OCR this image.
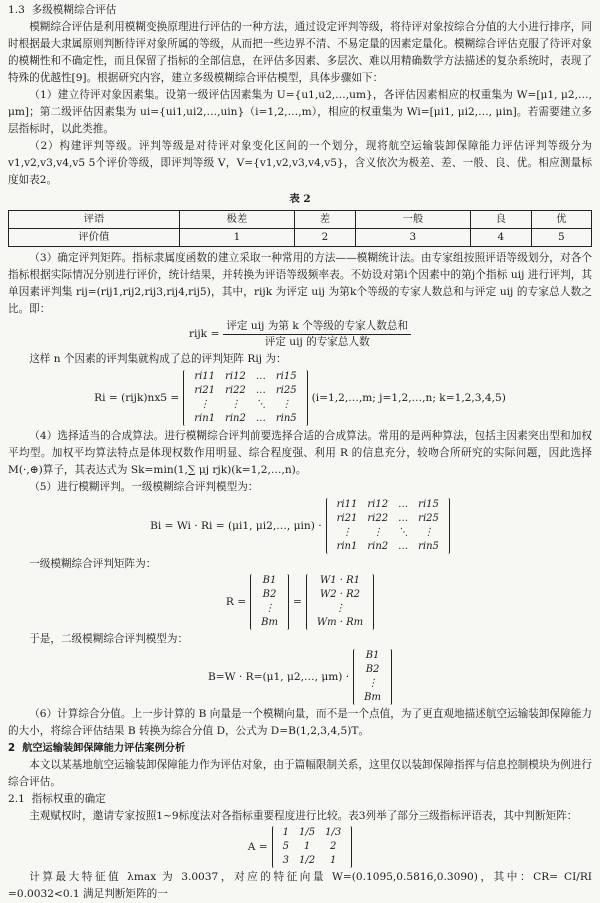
1.3 多级模糊综合评估

模糊综合评估是利用模糊变换原理进行评估的一种方法，通过设定评判等级，将待评对象按综合分值的大小进行排序，同时根据最大隶属原则判断待评对象所属的等级，从而把一些边界不清、不易定量的因素定量化。模糊综合评估克服了待评对象的模糊性和不确定性，而且保留了指标的全部信息，在评估多因素、多层次、难以用精确数学方法描述的复杂系统时，表现了特殊的优越性[9]。根据研究内容，建立多级模糊综合评估模型，具体步骤如下：

（1）建立待评对象因素集。设第一级评估因素集为 U={u1,u2,…,um}，各评估因素相应的权重集为 W=[μ1, μ2,…, μm]；第二级评估因素集为 ui={ui1,ui2,…,uin}（i=1,2,…,m），相应的权重集为 Wi=[μi1, μi2,…, μin]。若需要建立多层指标时，以此类推。

（2）构建评判等级。评判等级是对待评对象变化区间的一个划分，现将航空运输装卸保障能力评估评判等级分为 v1,v2,v3,v4,v5 5个评价等级，即评判等级 V，V={v1,v2,v3,v4,v5}，含义依次为极差、差、一般、良、优。相应测量标度如表2。

表 2
评语	极差	差	一般	良	优
评价值	1	2	3	4	5

（3）确定评判矩阵。指标隶属度函数的建立采取一种常用的方法——模糊统计法。由专家组按照评语等级划分，对各个指标根据实际情况分别进行评价，统计结果，并转换为评语等级频率表。不妨设对第i个因素中的第j个指标 uij 进行评判，其单因素评判集 rij=(rij1,rij2,rij3,rij4,rij5)，其中，rijk 为评定 uij 为第k个等级的专家人数总和与评定 uij 的专家总人数之比。即：

rijk = $\frac{\text{评定 uij 为第 k 个等级的专家人数总和}}{\text{评定 uij 的专家总人数}}$

这样 n 个因素的评判集就构成了总的评判矩阵 Rij 为：

Ri = (rijk)nx5 =
ri11	ri12	…	ri15
ri21	ri22	…	ri25
⋮	⋮	⋱	⋮
rin1	rin2	…	rin5
(i=1,2,…,m; j=1,2,…,n; k=1,2,3,4,5)

（4）选择适当的合成算法。进行模糊综合评判前要选择合适的合成算法。常用的是两种算法，包括主因素突出型和加权平均型。加权平均算法特点是体现权数作用明显、综合程度强、利用 R 的信息充分，较吻合所研究的实际问题，因此选择 M(·,⊕)算子，其表达式为 Sk=min(1,∑ μj rjk)(k=1,2,…,n)。

（5）进行模糊评判。一级模糊综合评判模型为：

Bi = Wi · Ri = (μi1, μi2,…, μin) ·
ri11	ri12	…	ri15
ri21	ri22	…	ri25
⋮	⋮	⋱	⋮
rin1	rin2	…	rin5

一级模糊综合评判矩阵为：

R =
B1
B2
⋮
Bm
=
W1 · R1
W2 · R2
⋮
Wm · Rm

于是，二级模糊综合评判模型为：

B=W · R=(μ1, μ2,…, μm) ·
B1
B2
⋮
Bm

（6）计算综合分值。上一步计算的 B 向量是一个模糊向量，而不是一个点值，为了更直观地描述航空运输装卸保障能力的大小，将综合评估结果 B 转换为综合分值 D，公式为 D=B(1,2,3,4,5)T。

2 航空运输装卸保障能力评估案例分析

本文以某基地航空运输装卸保障能力作为评估对象，由于篇幅限制关系，这里仅以装卸保障指挥与信息控制模块为例进行综合评估。

2.1 指标权重的确定

主观赋权时，邀请专家按照1~9标度法对各指标重要程度进行比较。表3列举了部分三级指标评语表，其中判断矩阵：

A =
1	1/5	1/3
5	1	2
3	1/2	1

计算最大特征值 λmax 为 3.0037，对应的特征向量 W=(0.1095,0.5816,0.3090)，其中：CR= CI/RI =0.0032<0.1 满足判断矩阵的一
